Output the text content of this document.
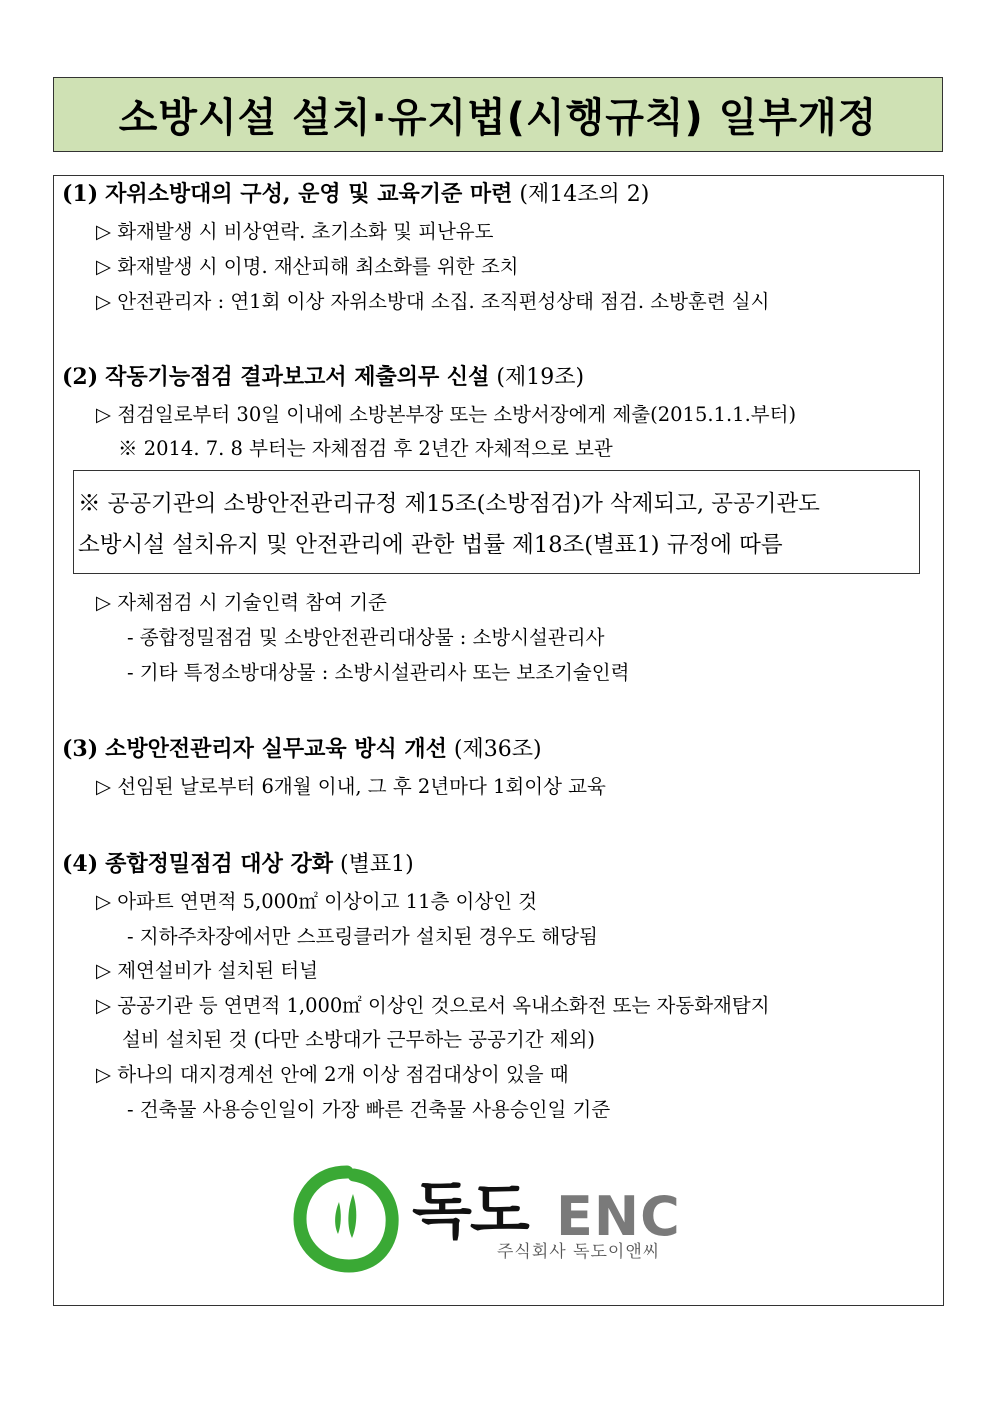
소방시설 설치·유지법(시행규칙) 일부개정
(1) 자위소방대의 구성, 운영 및 교육기준 마련 (제14조의 2)
▷ 화재발생 시 비상연락. 초기소화 및 피난유도
▷ 화재발생 시 이명. 재산피해 최소화를 위한 조치
▷ 안전관리자 : 연1회 이상 자위소방대 소집. 조직편성상태 점검. 소방훈련 실시
(2) 작동기능점검 결과보고서 제출의무 신설 (제19조)
▷ 점검일로부터 30일 이내에 소방본부장 또는 소방서장에게 제출(2015.1.1.부터)
※ 2014. 7. 8 부터는 자체점검 후 2년간 자체적으로 보관
※ 공공기관의 소방안전관리규정 제15조(소방점검)가 삭제되고, 공공기관도
소방시설 설치유지 및 안전관리에 관한 법률 제18조(별표1) 규정에 따름
▷ 자체점검 시 기술인력 참여 기준
- 종합정밀점검 및 소방안전관리대상물 : 소방시설관리사
- 기타 특정소방대상물 : 소방시설관리사 또는 보조기술인력
(3) 소방안전관리자 실무교육 방식 개선 (제36조)
▷ 선임된 날로부터 6개월 이내, 그 후 2년마다 1회이상 교육
(4) 종합정밀점검 대상 강화 (별표1)
▷ 아파트 연면적 5,000㎡ 이상이고 11층 이상인 것
- 지하주차장에서만 스프링클러가 설치된 경우도 해당됨
▷ 제연설비가 설치된 터널
▷ 공공기관 등 연면적 1,000㎡ 이상인 것으로서 옥내소화전 또는 자동화재탐지
설비 설치된 것 (다만 소방대가 근무하는 공공기간 제외)
▷ 하나의 대지경계선 안에 2개 이상 점검대상이 있을 때
- 건축물 사용승인일이 가장 빠른 건축물 사용승인일 기준
독도 ENC
주식회사 독도이앤씨
